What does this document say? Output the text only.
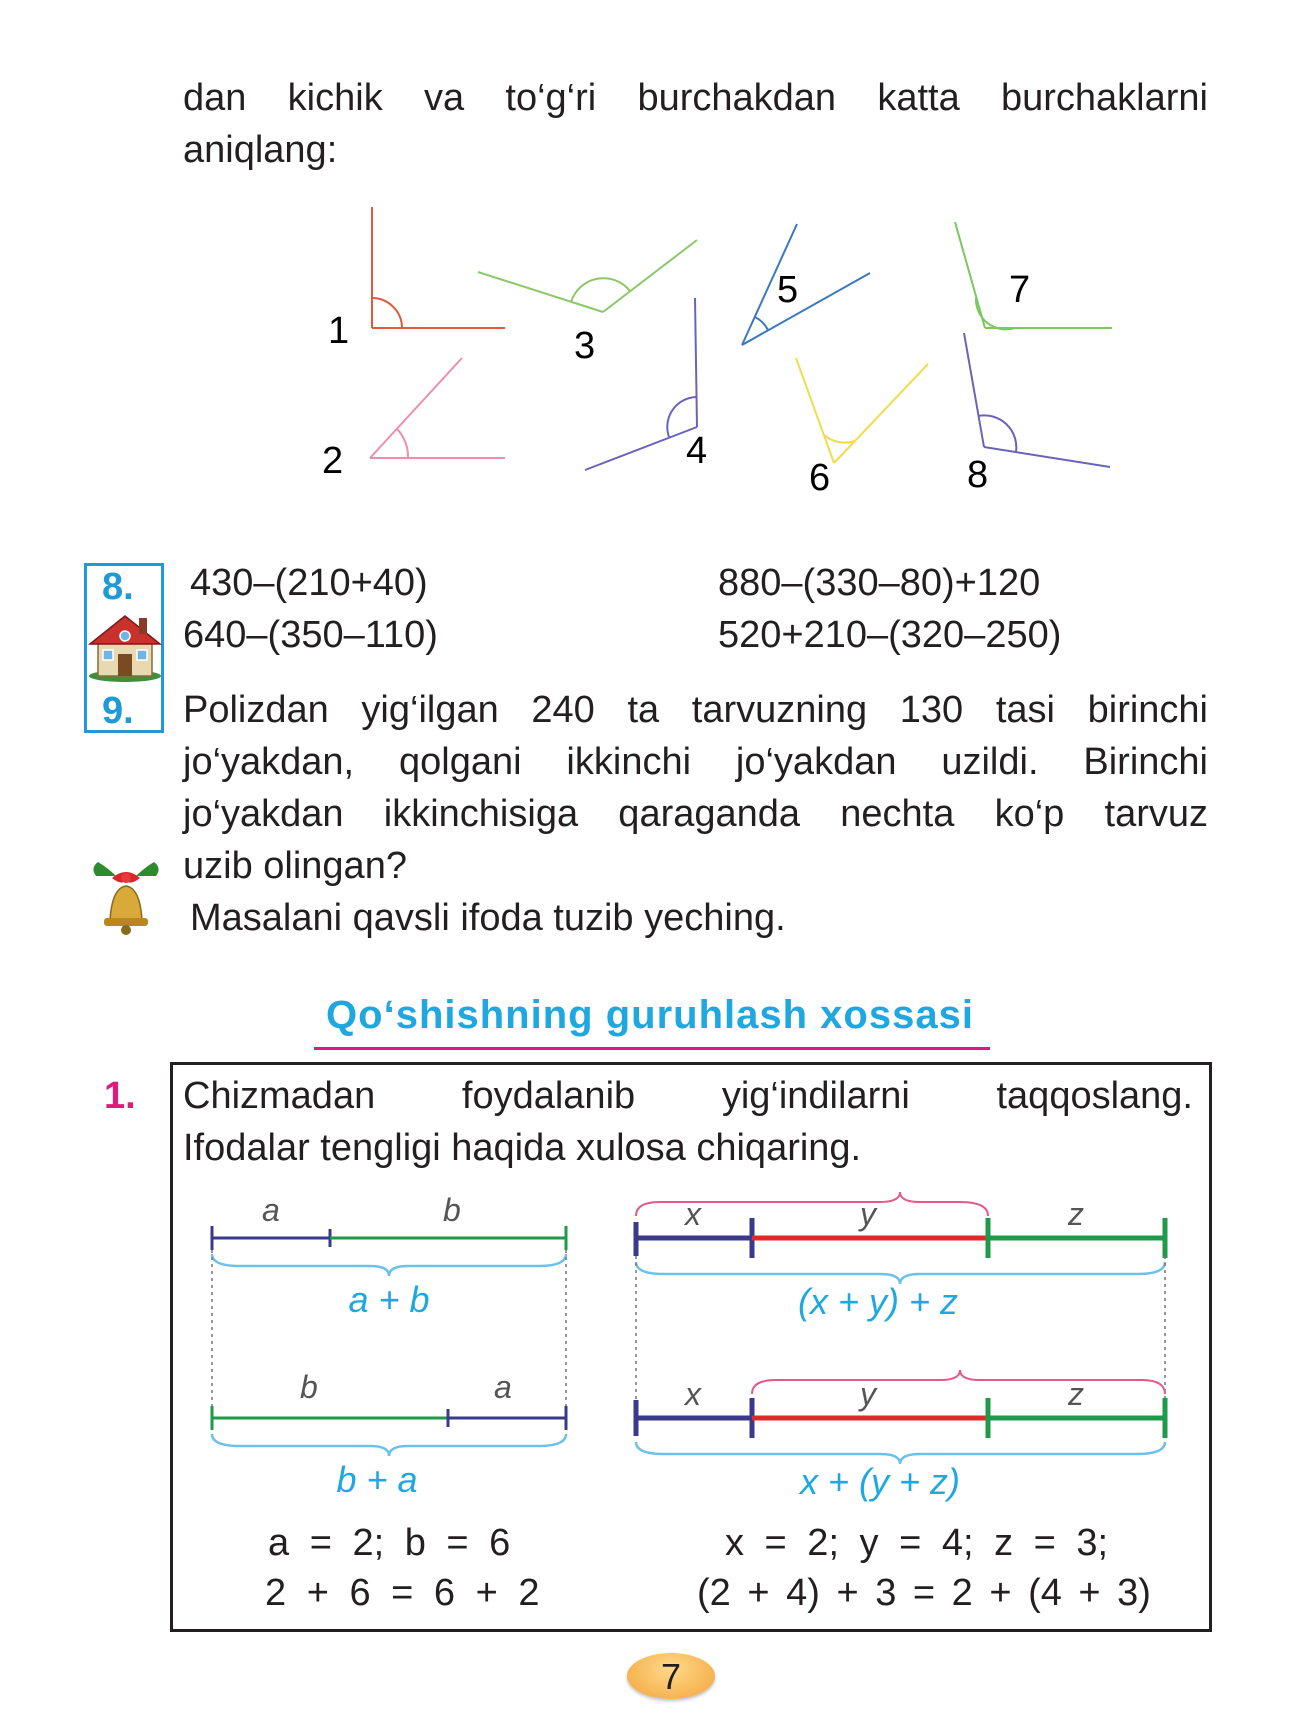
dan kichik va to‘g‘ri burchakdan katta burchaklarni
aniqlang:
1
2
3
4
5
6
7
8
8.
9.
430–(210+40)	880–(330–80)+120
640–(350–110)	520+210–(320–250)
Polizdan yig‘ilgan 240 ta tarvuzning 130 tasi birinchi
jo‘yakdan, qolgani ikkinchi jo‘yakdan uzildi. Birinchi
jo‘yakdan ikkinchisiga qaraganda nechta ko‘p tarvuz
uzib olingan?
Masalani qavsli ifoda tuzib yeching.
Qo‘shishning guruhlash xossasi
1. Chizmadan foydalanib yig‘indilarni taqqoslang.
Ifodalar tengligi haqida xulosa chiqaring.
a	b
a + b
b	a
b + a
x	y	z
(x + y) + z
x	y	z
x + (y + z)
a = 2; b = 6
2 + 6 = 6 + 2
x = 2; y = 4; z = 3;
(2 + 4) + 3 = 2 + (4 + 3)
7
